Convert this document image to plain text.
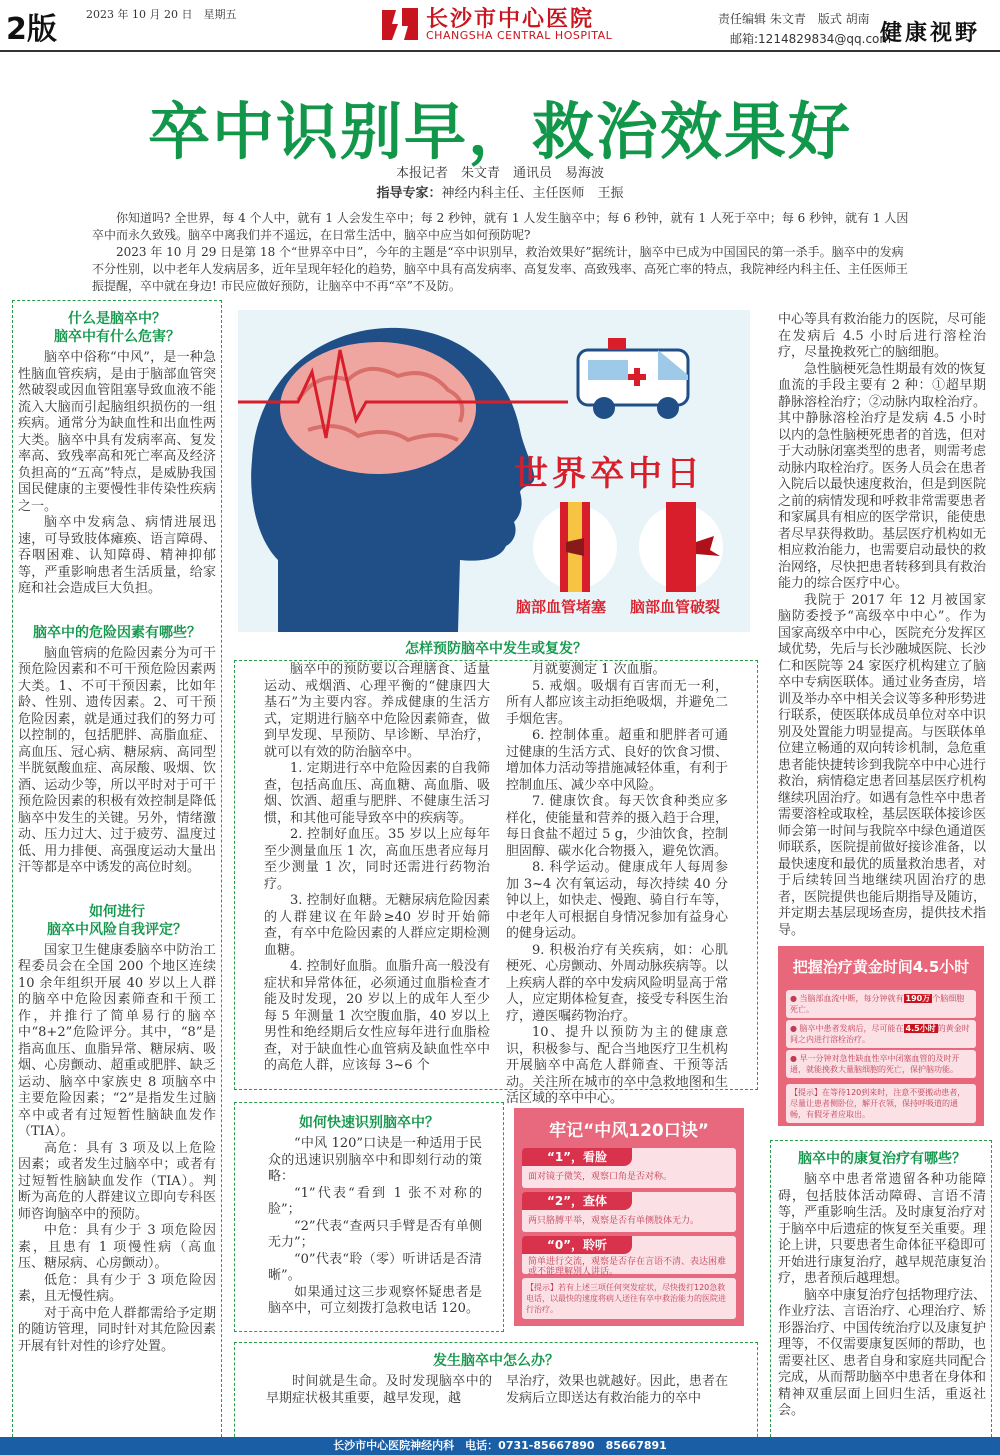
2版	2023 年 10 月 20 日　星期五	长沙市中心医院
CHANGSHA CENTRAL HOSPITAL
责任编辑 朱文青　版式 胡南
邮箱:1214829834@qq.com
健康视野
卒中识别早，救治效果好
本报记者　朱文青　通讯员　易海波
指导专家：神经内科主任、主任医师　王振

你知道吗? 全世界，每 4 个人中，就有 1 人会发生卒中；每 2 秒钟，就有 1 人发生脑卒中；每 6 秒钟，就有 1 人死于卒中；每 6 秒钟，就有 1 人因卒中而永久致残。脑卒中离我们并不遥远，在日常生活中，脑卒中应当如何预防呢?

2023 年 10 月 29 日是第 18 个“世界卒中日”，今年的主题是“卒中识别早，救治效果好”据统计，脑卒中已成为中国国民的第一杀手。脑卒中的发病不分性别，以中老年人发病居多，近年呈现年轻化的趋势，脑卒中具有高发病率、高复发率、高致残率、高死亡率的特点，我院神经内科主任、主任医师王振提醒，卒中就在身边! 市民应做好预防，让脑卒中不再“卒”不及防。

什么是脑卒中？
脑卒中有什么危害？

脑卒中俗称“中风”，是一种急性脑血管疾病，是由于脑部血管突然破裂或因血管阻塞导致血液不能流入大脑而引起脑组织损伤的一组疾病。通常分为缺血性和出血性两大类。脑卒中具有发病率高、复发率高、致残率高和死亡率高及经济负担高的“五高”特点，是威胁我国国民健康的主要慢性非传染性疾病之一。

脑卒中发病急、病情进展迅速，可导致肢体瘫痪、语言障碍、吞咽困难、认知障碍、精神抑郁等，严重影响患者生活质量，给家庭和社会造成巨大负担。

脑卒中的危险因素有哪些？

脑血管病的危险因素分为可干预危险因素和不可干预危险因素两大类。1、不可干预因素，比如年龄、性别、遗传因素。2、可干预危险因素，就是通过我们的努力可以控制的，包括肥胖、高脂血症、高血压、冠心病、糖尿病、高同型半胱氨酸血症、高尿酸、吸烟、饮酒、运动少等，所以平时对于可干预危险因素的积极有效控制是降低脑卒中发生的关键。另外，情绪激动、压力过大、过于疲劳、温度过低、用力排便、高强度运动大量出汗等都是卒中诱发的高位时刻。

如何进行
脑卒中风险自我评定？

国家卫生健康委脑卒中防治工程委员会在全国 200 个地区连续 10 余年组织开展 40 岁以上人群的脑卒中危险因素筛查和干预工作，并推行了简单易行的脑卒中“8+2”危险评分。其中，“8”是指高血压、血脂异常、糖尿病、吸烟、心房颤动、超重或肥胖、缺乏运动、脑卒中家族史 8 项脑卒中主要危险因素；“2”是指发生过脑卒中或者有过短暂性脑缺血发作（TIA）。

高危：具有 3 项及以上危险因素；或者发生过脑卒中；或者有过短暂性脑缺血发作（TIA）。判断为高危的人群建议立即向专科医师咨询脑卒中的预防。

中危：具有少于 3 项危险因素，且患有 1 项慢性病（高血压、糖尿病、心房颤动）。

低危：具有少于 3 项危险因素，且无慢性病。

对于高中危人群都需给予定期的随访管理，同时针对其危险因素开展有针对性的诊疗处置。

世界卒中日
脑部血管堵塞 脑部血管破裂
怎样预防脑卒中发生或复发？

脑卒中的预防要以合理膳食、适量运动、戒烟酒、心理平衡的“健康四大基石”为主要内容。养成健康的生活方式，定期进行脑卒中危险因素筛查，做到早发现、早预防、早诊断、早治疗，就可以有效的防治脑卒中。

1. 定期进行卒中危险因素的自我筛查，包括高血压、高血糖、高血脂、吸烟、饮酒、超重与肥胖、不健康生活习惯，和其他可能导致卒中的疾病等。

2. 控制好血压。35 岁以上应每年至少测量血压 1 次，高血压患者应每月至少测量 1 次，同时还需进行药物治疗。

3. 控制好血糖。无糖尿病危险因素的人群建议在年龄≥40 岁时开始筛查，有卒中危险因素的人群应定期检测血糖。

4. 控制好血脂。血脂升高一般没有症状和异常体征，必须通过血脂检查才能及时发现，20 岁以上的成年人至少每 5 年测量 1 次空腹血脂，40 岁以上男性和绝经期后女性应每年进行血脂检查，对于缺血性心血管病及缺血性卒中的高危人群，应该每 3~6 个

月就要测定 1 次血脂。

5. 戒烟。吸烟有百害而无一利，所有人都应该主动拒绝吸烟，并避免二手烟危害。

6. 控制体重。超重和肥胖者可通过健康的生活方式、良好的饮食习惯、增加体力活动等措施减轻体重，有利于控制血压、减少卒中风险。

7. 健康饮食。每天饮食种类应多样化，使能量和营养的摄入趋于合理，每日食盐不超过 5 g，少油饮食，控制胆固醇、碳水化合物摄入，避免饮酒。

8. 科学运动。健康成年人每周参加 3~4 次有氧运动，每次持续 40 分钟以上，如快走、慢跑、骑自行车等，中老年人可根据自身情况参加有益身心的健身运动。

9. 积极治疗有关疾病，如：心肌梗死、心房颤动、外周动脉疾病等。以上疾病人群的卒中发病风险明显高于常人，应定期体检复查，接受专科医生治疗，遵医嘱药物治疗。

10、提升以预防为主的健康意识，积极参与、配合当地医疗卫生机构开展脑卒中高危人群筛查、干预等活动。关注所在城市的卒中急救地图和生活区域的卒中中心。

如何快速识别脑卒中？

“中风 120”口诀是一种适用于民众的迅速识别脑卒中和即刻行动的策略：

“1”代表“看到 1 张不对称的脸”；

“2”代表“查两只手臂是否有单侧无力”；

“0”代表“聆（零）听讲话是否清晰”。

如果通过这三步观察怀疑患者是脑卒中，可立刻拨打急救电话 120。

牢记“中风120口诀”
“1”，看脸
面对镜子微笑，观察口角是否对称。
“2”，查体
两只胳膊平举，观察是否有单侧肢体无力。
“0”，聆听
简单进行交流，观察是否存在言语不清、表达困难或不能理解别人讲话。
【提示】若有上述三项任何突发症状，尽快拨打120急救电话，以最快的速度将病人送往有卒中救治能力的医院进行治疗。
发生脑卒中怎么办？

时间就是生命。及时发现脑卒中的早期症状极其重要，越早发现，越

早治疗，效果也就越好。因此，患者在发病后立即送达有救治能力的卒中

中心等具有救治能力的医院，尽可能在发病后 4.5 小时后进行溶栓治疗，尽量挽救死亡的脑细胞。

急性脑梗死急性期最有效的恢复血流的手段主要有 2 种：①超早期静脉溶栓治疗；②动脉内取栓治疗。其中静脉溶栓治疗是发病 4.5 小时以内的急性脑梗死患者的首选，但对于大动脉闭塞类型的患者，则需考虑动脉内取栓治疗。医务人员会在患者入院后以最快速度救治，但是到医院之前的病情发现和呼救非常需要患者和家属具有相应的医学常识，能使患者尽早获得救助。基层医疗机构如无相应救治能力，也需要启动最快的救治网络，尽快把患者转移到具有救治能力的综合医疗中心。

我院于 2017 年 12 月被国家脑防委授予“高级卒中中心”。作为国家高级卒中中心，医院充分发挥区域优势，先后与长沙融城医院、长沙仁和医院等 24 家医疗机构建立了脑卒中专病医联体。通过业务查房，培训及举办卒中相关会议等多种形势进行联系，使医联体成员单位对卒中识别及处置能力明显提高。与医联体单位建立畅通的双向转诊机制，急危重患者能快捷转诊到我院卒中中心进行救治，病情稳定患者回基层医疗机构继续巩固治疗。如遇有急性卒中患者需要溶栓或取栓，基层医联体接诊医师会第一时间与我院卒中绿色通道医师联系，医院提前做好接诊准备，以最快速度和最优的质量救治患者，对于后续转回当地继续巩固治疗的患者，医院提供也能后期指导及随访，并定期去基层现场查房，提供技术指导。

把握治疗黄金时间4.5小时
● 当脑部血流中断，每分钟就有 190万 个脑细胞死亡。
● 脑卒中患者发病后，尽可能在 4.5小时 的黄金时间之内进行溶栓治疗。
● 早一分钟对急性缺血性卒中闭塞血管的及时开通，就能挽救大量脑细胞的死亡，保护脑功能。
【提示】在等待120到来时，注意不要搬动患者，尽量让患者侧卧位，解开衣领，保持呼吸道的通畅，有假牙者应取出。
脑卒中的康复治疗有哪些？

脑卒中患者常遗留各种功能障碍，包括肢体活动障碍、言语不清等，严重影响生活。及时康复治疗对于脑卒中后遗症的恢复至关重要。理论上讲，只要患者生命体征平稳即可开始进行康复治疗，越早规范康复治疗，患者预后越理想。

脑卒中康复治疗包括物理疗法、作业疗法、言语治疗、心理治疗、矫形器治疗、中国传统治疗以及康复护理等，不仅需要康复医师的帮助，也需要社区、患者自身和家庭共同配合完成，从而帮助脑卒中患者在身体和精神双重层面上回归生活，重返社会。

长沙市中心医院神经内科　电话：0731-85667890　85667891
